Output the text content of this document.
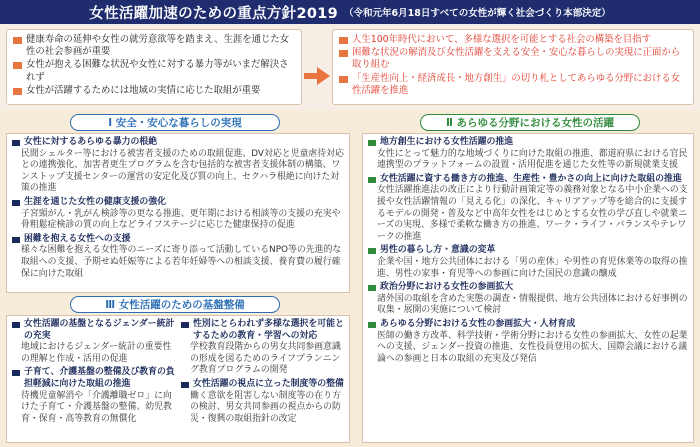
女性活躍加速のための重点方針2019 （令和元年6月18日すべての女性が輝く社会づくり本部決定）
健康寿命の延伸や女性の就労意欲等を踏まえ、生涯を通じた女性の社会参画が重要
女性が抱える困難な状況や女性に対する暴力等がいまだ解決されず
女性が活躍するためには地域の実情に応じた取組が重要
人生100年時代において、多様な選択を可能とする社会の構築を目指す
困難な状況の解消及び女性活躍を支える安全・安心な暮らしの実現に正面から取り組む
「生産性向上・経済成長・地方創生」の切り札としてあらゆる分野における女性活躍を推進
Ⅰ 安全・安心な暮らしの実現
女性に対するあらゆる暴力の根絶
民間シェルター等における被害者支援のための取組促進、DV対応と児童虐待対応との連携強化、加害者更生プログラムを含む包括的な被害者支援体制の構築、ワンストップ支援センターの運営の安定化及び質の向上、セクハラ根絶に向けた対策の推進
生涯を通じた女性の健康支援の強化
子宮頸がん・乳がん検診等の更なる推進、更年期における相談等の支援の充実や骨粗鬆症検診の質の向上などライフステージに応じた健康保持の促進
困難を抱える女性への支援
様々な困難を抱える女性等のニーズに寄り添って活動しているNPO等の先進的な取組への支援、予期せぬ妊娠等による若年妊婦等への相談支援、養育費の履行確保に向けた取組
Ⅲ 女性活躍のための基盤整備
女性活躍の基盤となるジェンダー統計の充実
地域におけるジェンダー統計の重要性の理解と作成・活用の促進
子育て、介護基盤の整備及び教育の負担軽減に向けた取組の推進
待機児童解消や「介護離職ゼロ」に向けた子育て・介護基盤の整備、幼児教育・保育・高等教育の無償化
性別にとらわれず多様な選択を可能とするための教育・学習への対応
学校教育段階からの男女共同参画意識の形成を図るためのライフプランニング教育プログラムの開発
女性活躍の視点に立った制度等の整備
働く意欲を阻害しない制度等の在り方の検討、男女共同参画の視点からの防災・復興の取組指針の改定
Ⅱ あらゆる分野における女性の活躍
地方創生における女性活躍の推進
女性にとって魅力的な地域づくりに向けた取組の推進、都道府県における官民連携型のプラットフォームの設置・活用促進を通じた女性等の新規就業支援
女性活躍に資する働き方の推進、生産性・豊かさの向上に向けた取組の推進
女性活躍推進法の改正により行動計画策定等の義務対象となる中小企業への支援や女性活躍情報の「見える化」の深化、キャリアアップ等を総合的に支援するモデルの開発・普及など中高年女性をはじめとする女性の学び直しや就業ニーズの実現、多様で柔軟な働き方の推進、ワーク・ライフ・バランスやテレワークの推進
男性の暮らし方・意識の変革
企業や国・地方公共団体における「男の産休」や男性の育児休業等の取得の推進、男性の家事・育児等への参画に向けた国民の意識の醸成
政治分野における女性の参画拡大
諸外国の取組を含めた実態の調査・情報提供、地方公共団体における好事例の収集・展開の実施について検討
あらゆる分野における女性の参画拡大・人材育成
医師の働き方改革、科学技術・学術分野における女性の参画拡大、女性の起業への支援、ジェンダー投資の推進、女性役員登用の拡大、国際会議における議論への参画と日本の取組の充実及び発信
